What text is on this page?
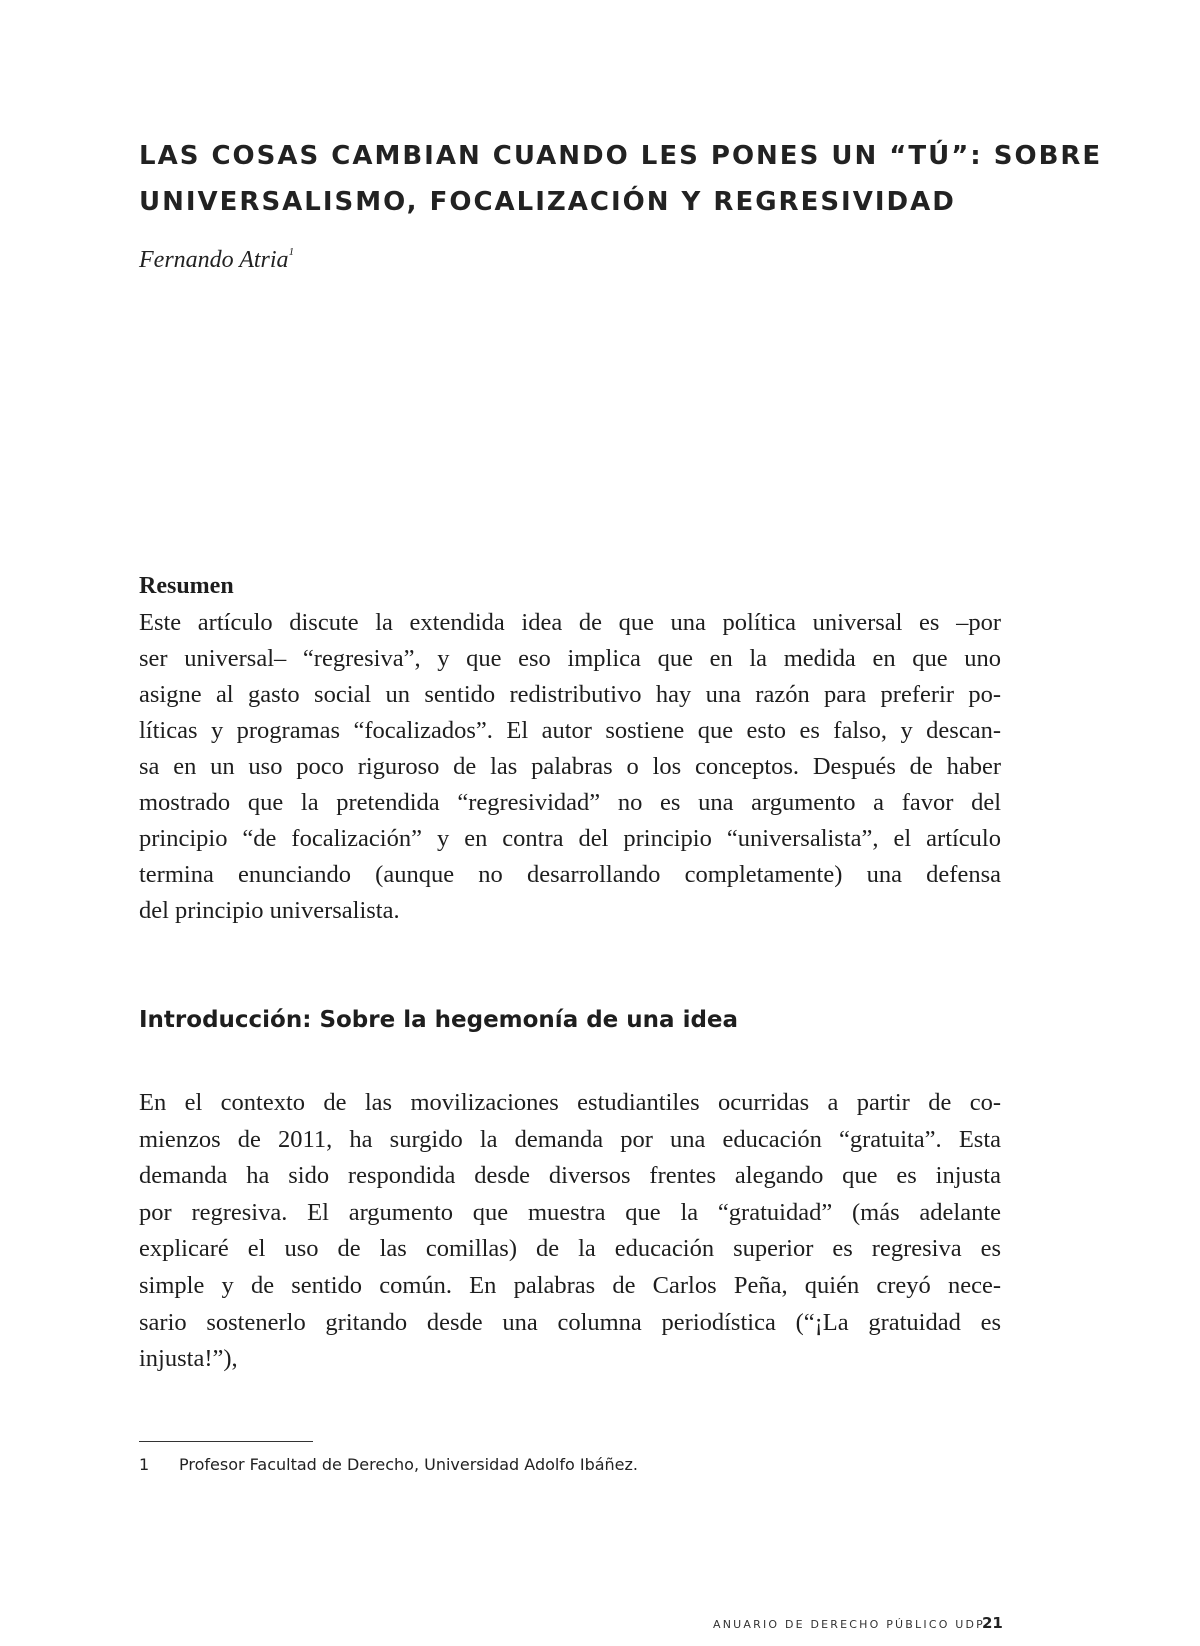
LAS COSAS CAMBIAN CUANDO LES PONES UN “TÚ”: SOBRE
UNIVERSALISMO, FOCALIZACIÓN Y REGRESIVIDAD
Fernando Atria$^1$
Resumen
Este artículo discute la extendida idea de que una política universal es –por
ser universal– “regresiva”, y que eso implica que en la medida en que uno
asigne al gasto social un sentido redistributivo hay una razón para preferir po-
líticas y programas “focalizados”. El autor sostiene que esto es falso, y descan-
sa en un uso poco riguroso de las palabras o los conceptos. Después de haber
mostrado que la pretendida “regresividad” no es una argumento a favor del
principio “de focalización” y en contra del principio “universalista”, el artículo
termina enunciando (aunque no desarrollando completamente) una defensa
del principio universalista.
Introducción: Sobre la hegemonía de una idea
En el contexto de las movilizaciones estudiantiles ocurridas a partir de co-
mienzos de 2011, ha surgido la demanda por una educación “gratuita”. Esta
demanda ha sido respondida desde diversos frentes alegando que es injusta
por regresiva. El argumento que muestra que la “gratuidad” (más adelante
explicaré el uso de las comillas) de la educación superior es regresiva es
simple y de sentido común. En palabras de Carlos Peña, quién creyó nece-
sario sostenerlo gritando desde una columna periodística (“¡La gratuidad es
injusta!”),
1 Profesor Facultad de Derecho, Universidad Adolfo Ibáñez.
ANUARIO DE DERECHO PÚBLICO UDP
21
